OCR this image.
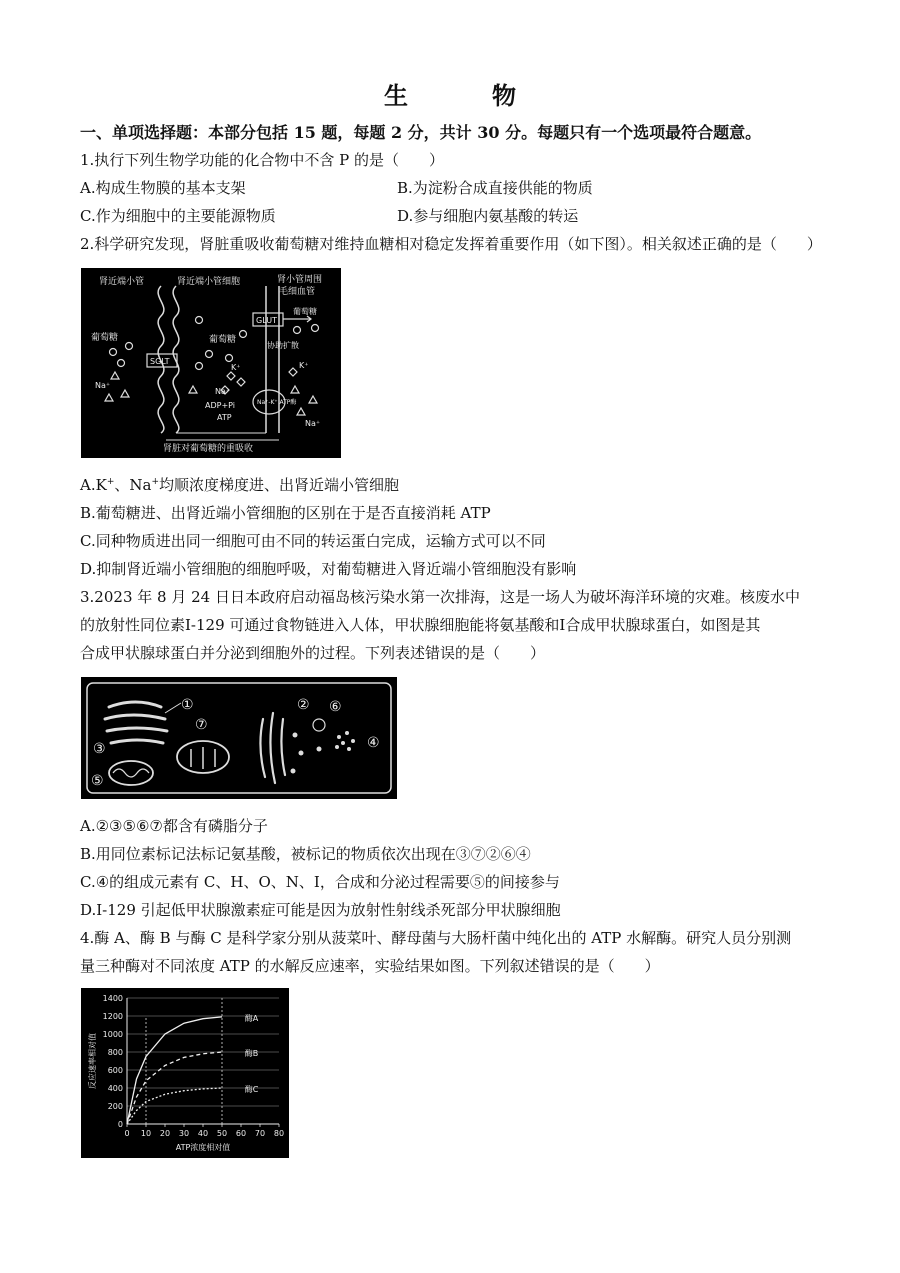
生　物
一、单项选择题：本部分包括 15 题，每题 2 分，共计 30 分。每题只有一个选项最符合题意。
1.执行下列生物学功能的化合物中不含 P 的是（　　）
A.构成生物膜的基本支架	B.为淀粉合成直接供能的物质
C.作为细胞中的主要能源物质	D.参与细胞内氨基酸的转运
2.科学研究发现，肾脏重吸收葡萄糖对维持血糖相对稳定发挥着重要作用（如下图）。相关叙述正确的是（　　）
肾近端小管	肾近端小管细胞	肾小管周围
毛细血管
SGLT
GLUT
葡萄糖
葡萄糖	葡萄糖
协助扩散
Na⁺
Na⁺
Na⁺
K⁺	K⁺
Na⁺-K⁺ ATP酶
ADP+Pi
ATP
肾脏对葡萄糖的重吸收
A.K+、Na+均顺浓度梯度进、出肾近端小管细胞
B.葡萄糖进、出肾近端小管细胞的区别在于是否直接消耗 ATP
C.同种物质进出同一细胞可由不同的转运蛋白完成，运输方式可以不同
D.抑制肾近端小管细胞的细胞呼吸，对葡萄糖进入肾近端小管细胞没有影响
3.2023 年 8 月 24 日日本政府启动福岛核污染水第一次排海，这是一场人为破坏海洋环境的灾难。核废水中
的放射性同位素Ⅰ-129 可通过食物链进入人体，甲状腺细胞能将氨基酸和Ⅰ合成甲状腺球蛋白，如图是其
合成甲状腺球蛋白并分泌到细胞外的过程。下列表述错误的是（　　）
①
③
⑤
⑦
② ⑥
④
A.②③⑤⑥⑦都含有磷脂分子
B.用同位素标记法标记氨基酸，被标记的物质依次出现在③⑦②⑥④
C.④的组成元素有 C、H、O、N、I，合成和分泌过程需要⑤的间接参与
D.Ⅰ-129 引起低甲状腺激素症可能是因为放射性射线杀死部分甲状腺细胞
4.酶 A、酶 B 与酶 C 是科学家分别从菠菜叶、酵母菌与大肠杆菌中纯化出的 ATP 水解酶。研究人员分别测
量三种酶对不同浓度 ATP 的水解反应速率，实验结果如图。下列叙述错误的是（　　）
0
200
400
600
800
1000
1200
1400
0 10 20 30 40 50 60 70 80
酶A
酶B
酶C
ATP浓度相对值
反应速率相对值
